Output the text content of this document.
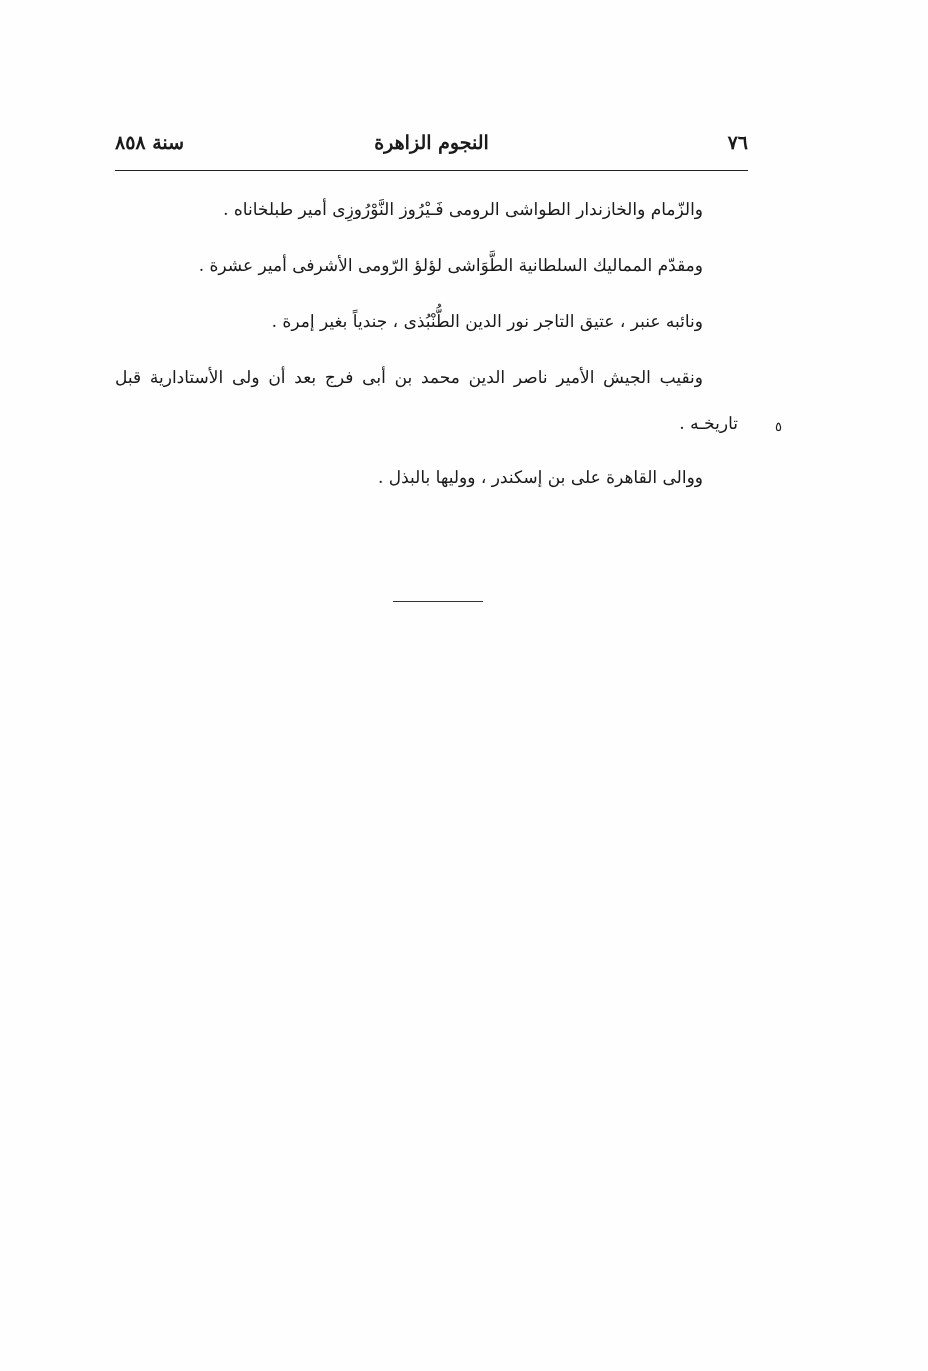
٧٦
النجوم الزاهرة
سنة ٨٥٨
والزّمام والخازندار الطواشى الرومى فَـيْرُوز النَّوْرُوزِى أمير طبلخاناه .
ومقدّم المماليك السلطانية الطَّوَاشى لؤلؤ الرّومى الأشرفى أمير عشرة .
ونائبه عنبر ، عتيق التاجر نور الدين الطُّنْبُذى ، جندياً بغير إمرة .
ونقيب الجيش الأمير ناصر الدين محمد بن أبى فرج بعد أن ولى الأستادارية قبل
تاريخـه .
ووالى القاهرة على بن إسكندر ، ووليها بالبذل .
٥
